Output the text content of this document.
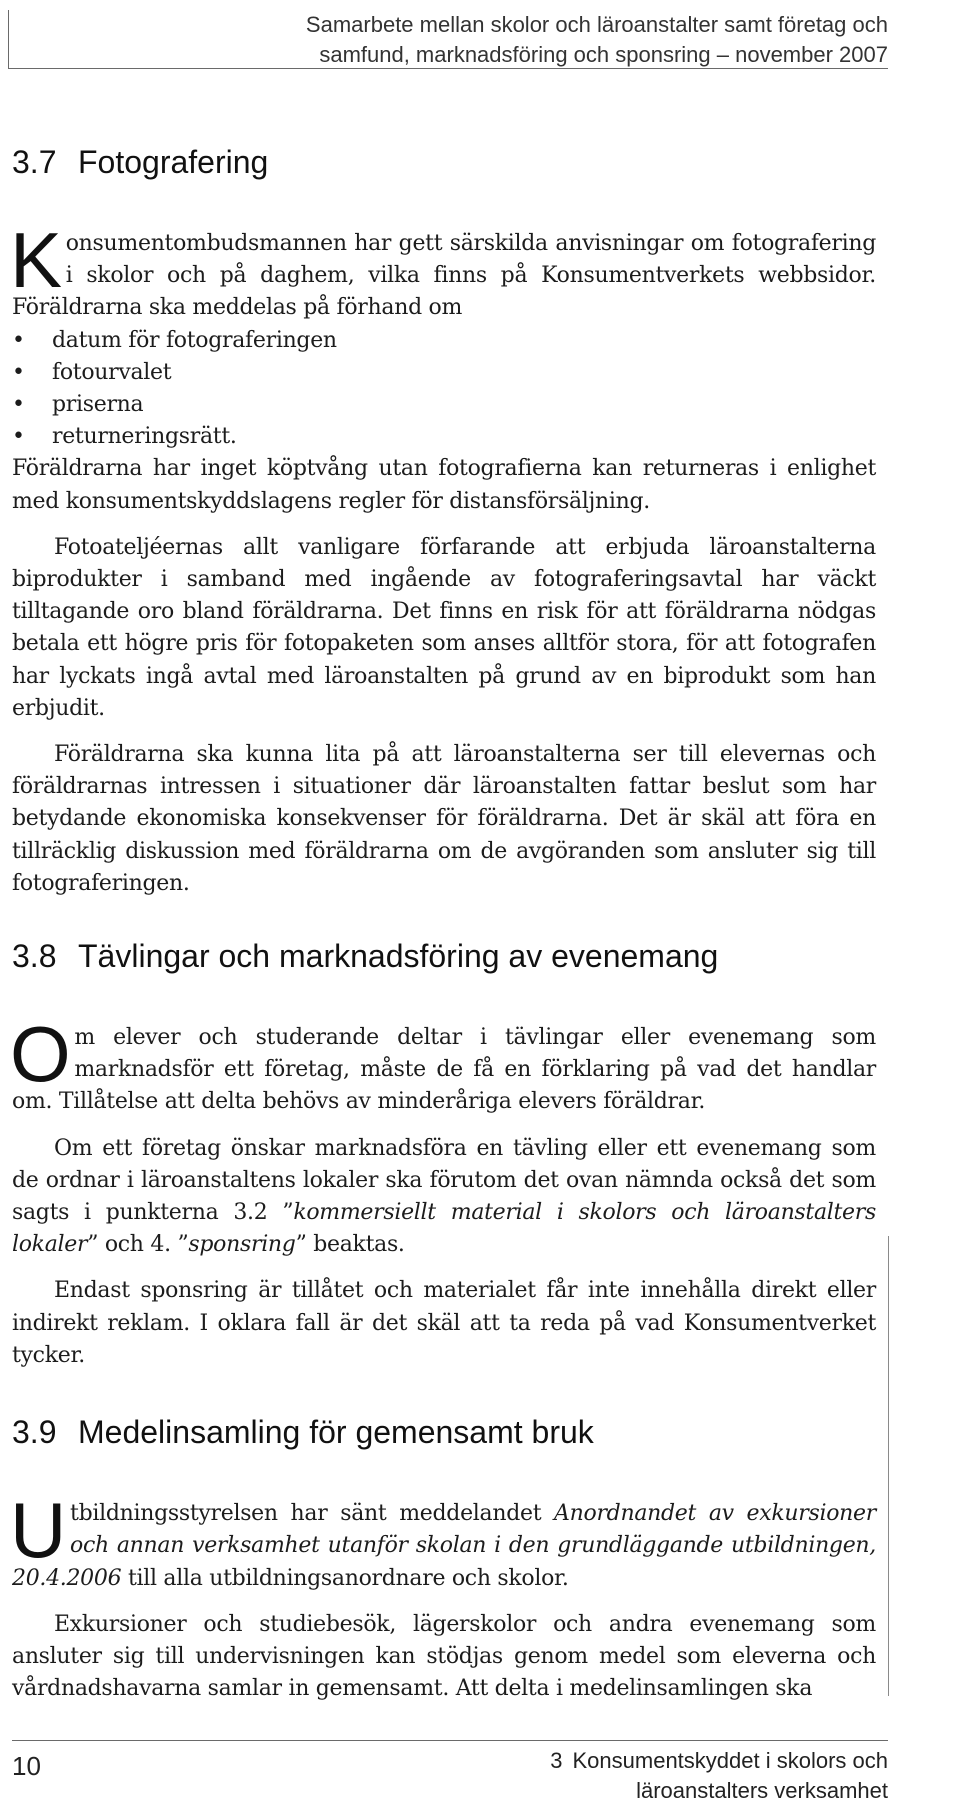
Samarbete mellan skolor och läroanstalter samt företag och
samfund, marknadsföring och sponsring – november 2007
3.7 Fotografering

Konsumentombudsmannen har gett särskilda anvisningar om fotografering i skolor och på daghem, vilka finns på Konsumentverkets webbsidor. Föräldrarna ska meddelas på förhand om

• datum för fotograferingen
• fotourvalet
• priserna
• returneringsrätt.

Föräldrarna har inget köptvång utan fotografierna kan returneras i enlighet med konsumentskyddslagens regler för distansförsäljning.

Fotoateljéernas allt vanligare förfarande att erbjuda läroanstalterna biprodukter i samband med ingående av fotograferingsavtal har väckt tilltagande oro bland föräldrarna. Det finns en risk för att föräldrarna nödgas betala ett högre pris för fotopaketen som anses alltför stora, för att fotografen har lyckats ingå avtal med läroanstalten på grund av en biprodukt som han erbjudit.

Föräldrarna ska kunna lita på att läroanstalterna ser till elevernas och föräldrarnas intressen i situationer där läroanstalten fattar beslut som har betydande ekonomiska konsekvenser för föräldrarna. Det är skäl att föra en tillräcklig diskussion med föräldrarna om de avgöranden som ansluter sig till fotograferingen.

3.8 Tävlingar och marknadsföring av evenemang

Om elever och studerande deltar i tävlingar eller evenemang som marknadsför ett företag, måste de få en förklaring på vad det handlar om. Tillåtelse att delta behövs av minderåriga elevers föräldrar.

Om ett företag önskar marknadsföra en tävling eller ett evenemang som de ordnar i läroanstaltens lokaler ska förutom det ovan nämnda också det som sagts i punkterna 3.2 ”kommersiellt material i skolors och läroanstalters lokaler” och 4. ”sponsring” beaktas.

Endast sponsring är tillåtet och materialet får inte innehålla direkt eller indirekt reklam. I oklara fall är det skäl att ta reda på vad Konsumentverket tycker.

3.9 Medelinsamling för gemensamt bruk

Utbildningsstyrelsen har sänt meddelandet Anordnandet av exkursioner och annan verksamhet utanför skolan i den grundläggande utbildningen, 20.4.2006 till alla utbildningsanordnare och skolor.

Exkursioner och studiebesök, lägerskolor och andra evenemang som ansluter sig till undervisningen kan stödjas genom medel som eleverna och vårdnadshavarna samlar in gemensamt. Att delta i medelinsamlingen ska

10	3 Konsumentskyddet i skolors och
läroanstalters verksamhet
